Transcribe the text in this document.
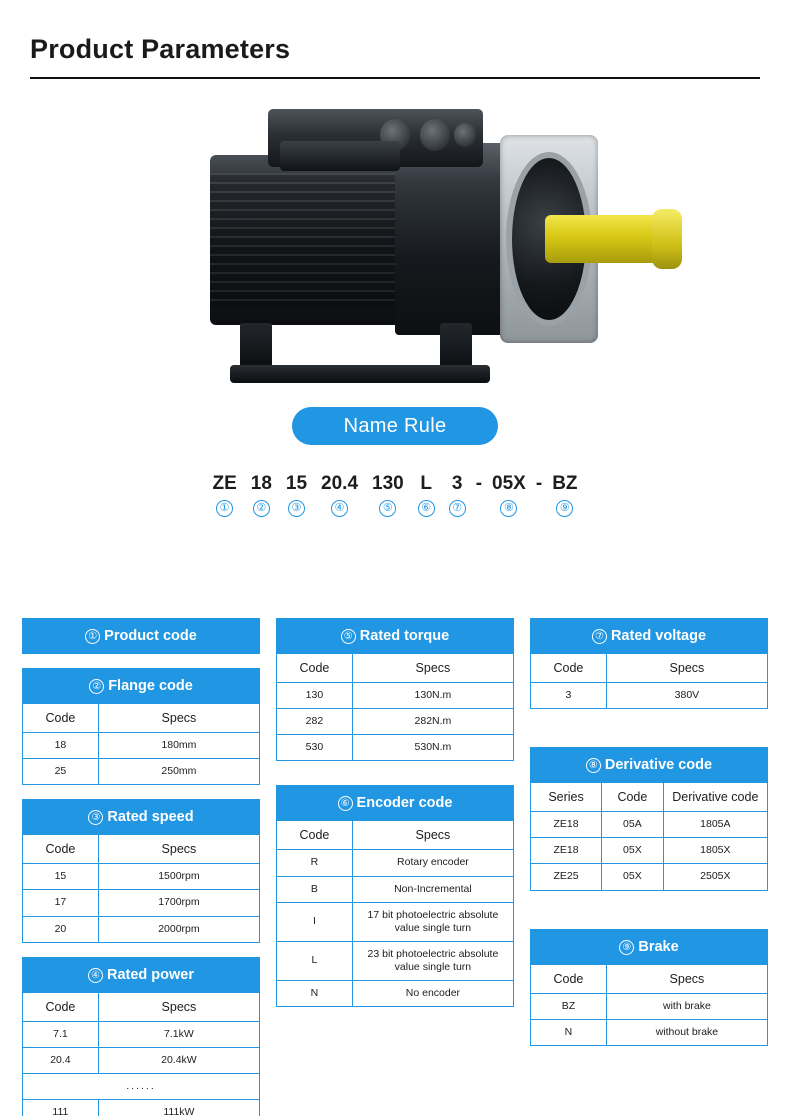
Product Parameters
Name Rule
ZE
①
18
②
15
③
20.4
④
130
⑤
L
⑥
3
⑦
- 05X
⑧
- BZ
⑨
① Product code
② Flange code	
Code	Specs
18	180mm
25	250mm
③ Rated speed	
Code	Specs
15	1500rpm
17	1700rpm
20	2000rpm
④ Rated power	
Code	Specs
7.1	7.1kW
20.4	20.4kW
......	
111	111kW
⑤ Rated torque	
Code	Specs
130	130N.m
282	282N.m
530	530N.m
⑥ Encoder code	
Code	Specs
R	Rotary encoder
B	Non-Incremental
I	17 bit photoelectric absolute value single turn
L	23 bit photoelectric absolute value single turn
N	No encoder
⑦ Rated voltage	
Code	Specs
3	380V
⑧ Derivative code		
Series	Code	Derivative code
ZE18	05A	1805A
ZE18	05X	1805X
ZE25	05X	2505X
⑨ Brake	
Code	Specs
BZ	with brake
N	without brake
